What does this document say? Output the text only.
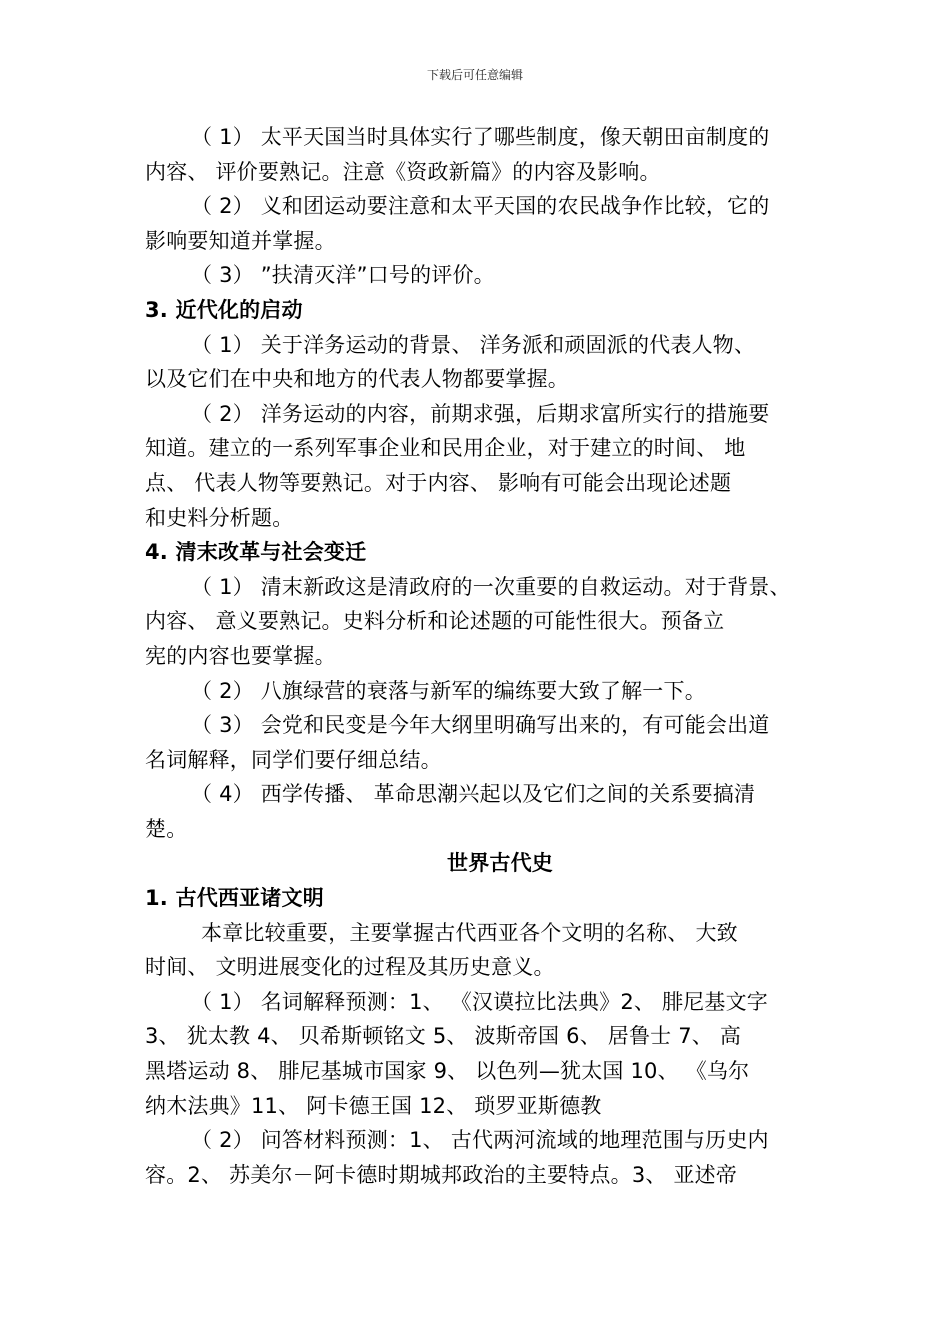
下载后可任意编辑
（ 1） 太平天国当时具体实行了哪些制度，像天朝田亩制度的
内容、 评价要熟记。注意《资政新篇》的内容及影响。
（ 2） 义和团运动要注意和太平天国的农民战争作比较，它的
影响要知道并掌握。
（ 3） ”扶清灭洋”口号的评价。
3. 近代化的启动
（ 1） 关于洋务运动的背景、 洋务派和顽固派的代表人物、
以及它们在中央和地方的代表人物都要掌握。
（ 2） 洋务运动的内容，前期求强，后期求富所实行的措施要
知道。建立的一系列军事企业和民用企业，对于建立的时间、 地
点、 代表人物等要熟记。对于内容、 影响有可能会出现论述题
和史料分析题。
4. 清末改革与社会变迁
（ 1） 清末新政这是清政府的一次重要的自救运动。对于背景、
内容、 意义要熟记。史料分析和论述题的可能性很大。预备立
宪的内容也要掌握。
（ 2） 八旗绿营的衰落与新军的编练要大致了解一下。
（ 3） 会党和民变是今年大纲里明确写出来的，有可能会出道
名词解释，同学们要仔细总结。
（ 4） 西学传播、 革命思潮兴起以及它们之间的关系要搞清
楚。
世界古代史
1. 古代西亚诸文明
本章比较重要，主要掌握古代西亚各个文明的名称、 大致
时间、 文明进展变化的过程及其历史意义。
（ 1） 名词解释预测：1、 《汉谟拉比法典》2、 腓尼基文字
3、 犹太教 4、 贝希斯顿铭文 5、 波斯帝国 6、 居鲁士 7、 高
黑塔运动 8、 腓尼基城市国家 9、 以色列—犹太国 10、 《乌尔
纳木法典》11、 阿卡德王国 12、 琐罗亚斯德教
（ 2） 问答材料预测：1、 古代两河流域的地理范围与历史内
容。2、 苏美尔－阿卡德时期城邦政治的主要特点。3、 亚述帝
